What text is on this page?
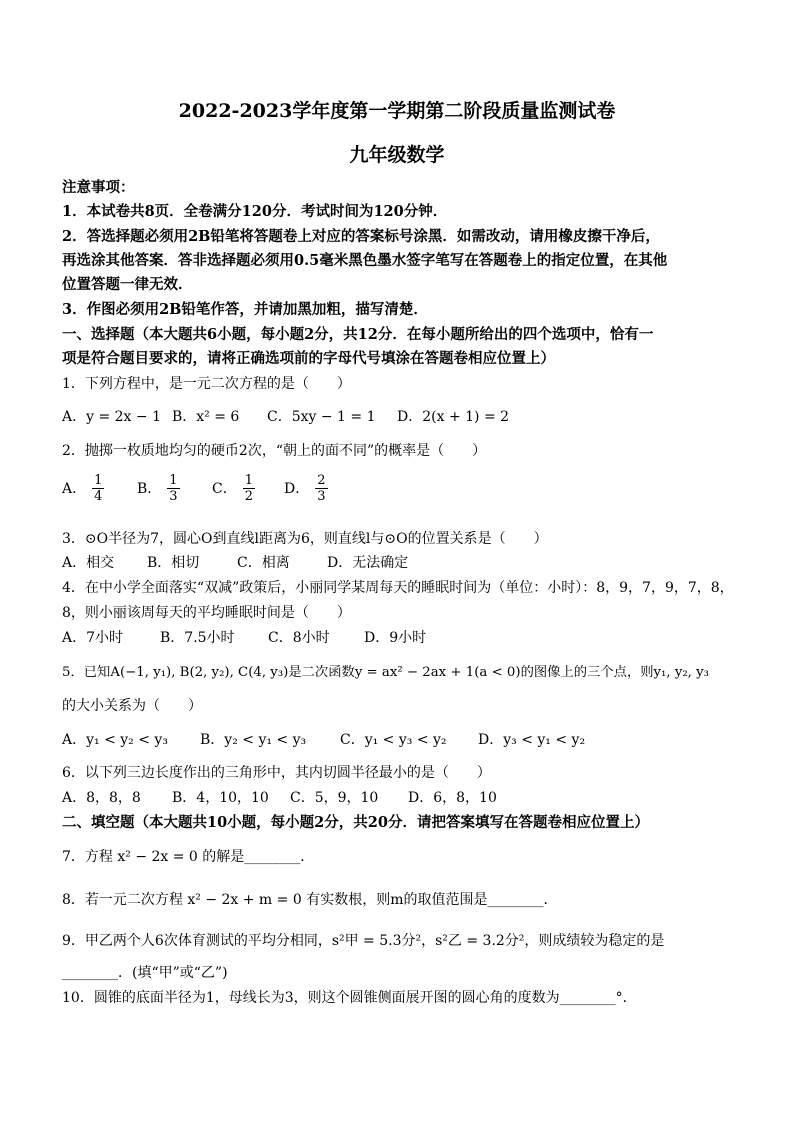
2022-2023学年度第一学期第二阶段质量监测试卷
九年级数学
注意事项：
1．本试卷共8页．全卷满分120分．考试时间为120分钟．
2．答选择题必须用2B铅笔将答题卷上对应的答案标号涂黑．如需改动，请用橡皮擦干净后，
再选涂其他答案．答非选择题必须用0.5毫米黑色墨水签字笔写在答题卷上的指定位置，在其他
位置答题一律无效．
3．作图必须用2B铅笔作答，并请加黑加粗，描写清楚．
一、选择题（本大题共6小题，每小题2分，共12分．在每小题所给出的四个选项中，恰有一
项是符合题目要求的，请将正确选项前的字母代号填涂在答题卷相应位置上）
1．下列方程中，是一元二次方程的是（　　）
A．y = 2x − 1 B．x² = 6 C．5xy − 1 = 1 D．2(x + 1) = 2
2．抛掷一枚质地均匀的硬币2次，“朝上的面不同”的概率是（　　）
A． $\frac{1}{4}$ B． $\frac{1}{3}$ C． $\frac{1}{2}$ D． $\frac{2}{3}$
3．⊙O半径为7，圆心O到直线l距离为6，则直线l与⊙O的位置关系是（　　）
A．相交 B．相切	C．相离	D．无法确定
4．在中小学全面落实“双减”政策后，小丽同学某周每天的睡眠时间为（单位：小时）：8，9，7，9，7，8，
8，则小丽该周每天的平均睡眠时间是（　　）
A．7小时	B．7.5小时 C．8小时 D．9小时
5．已知A(−1, y₁), B(2, y₂), C(4, y₃)是二次函数y = ax² − 2ax + 1(a < 0)的图像上的三个点，则y₁, y₂, y₃
的大小关系为（　　）
A．y₁ < y₂ < y₃ B．y₂ < y₁ < y₃ C．y₁ < y₃ < y₂ D．y₃ < y₁ < y₂
6．以下列三边长度作出的三角形中，其内切圆半径最小的是（　　）
A．8，8，8 B．4，10，10 C．5，9，10 D．6，8，10
二、填空题（本大题共10小题，每小题2分，共20分．请把答案填写在答题卷相应位置上）
7．方程 x² − 2x = 0 的解是________．
8．若一元二次方程 x² − 2x + m = 0 有实数根，则m的取值范围是________．
9．甲乙两个人6次体育测试的平均分相同，s²甲 = 5.3分²，s²乙 = 3.2分²，则成绩较为稳定的是
________．(填“甲”或“乙”)
10．圆锥的底面半径为1，母线长为3，则这个圆锥侧面展开图的圆心角的度数为________°．
